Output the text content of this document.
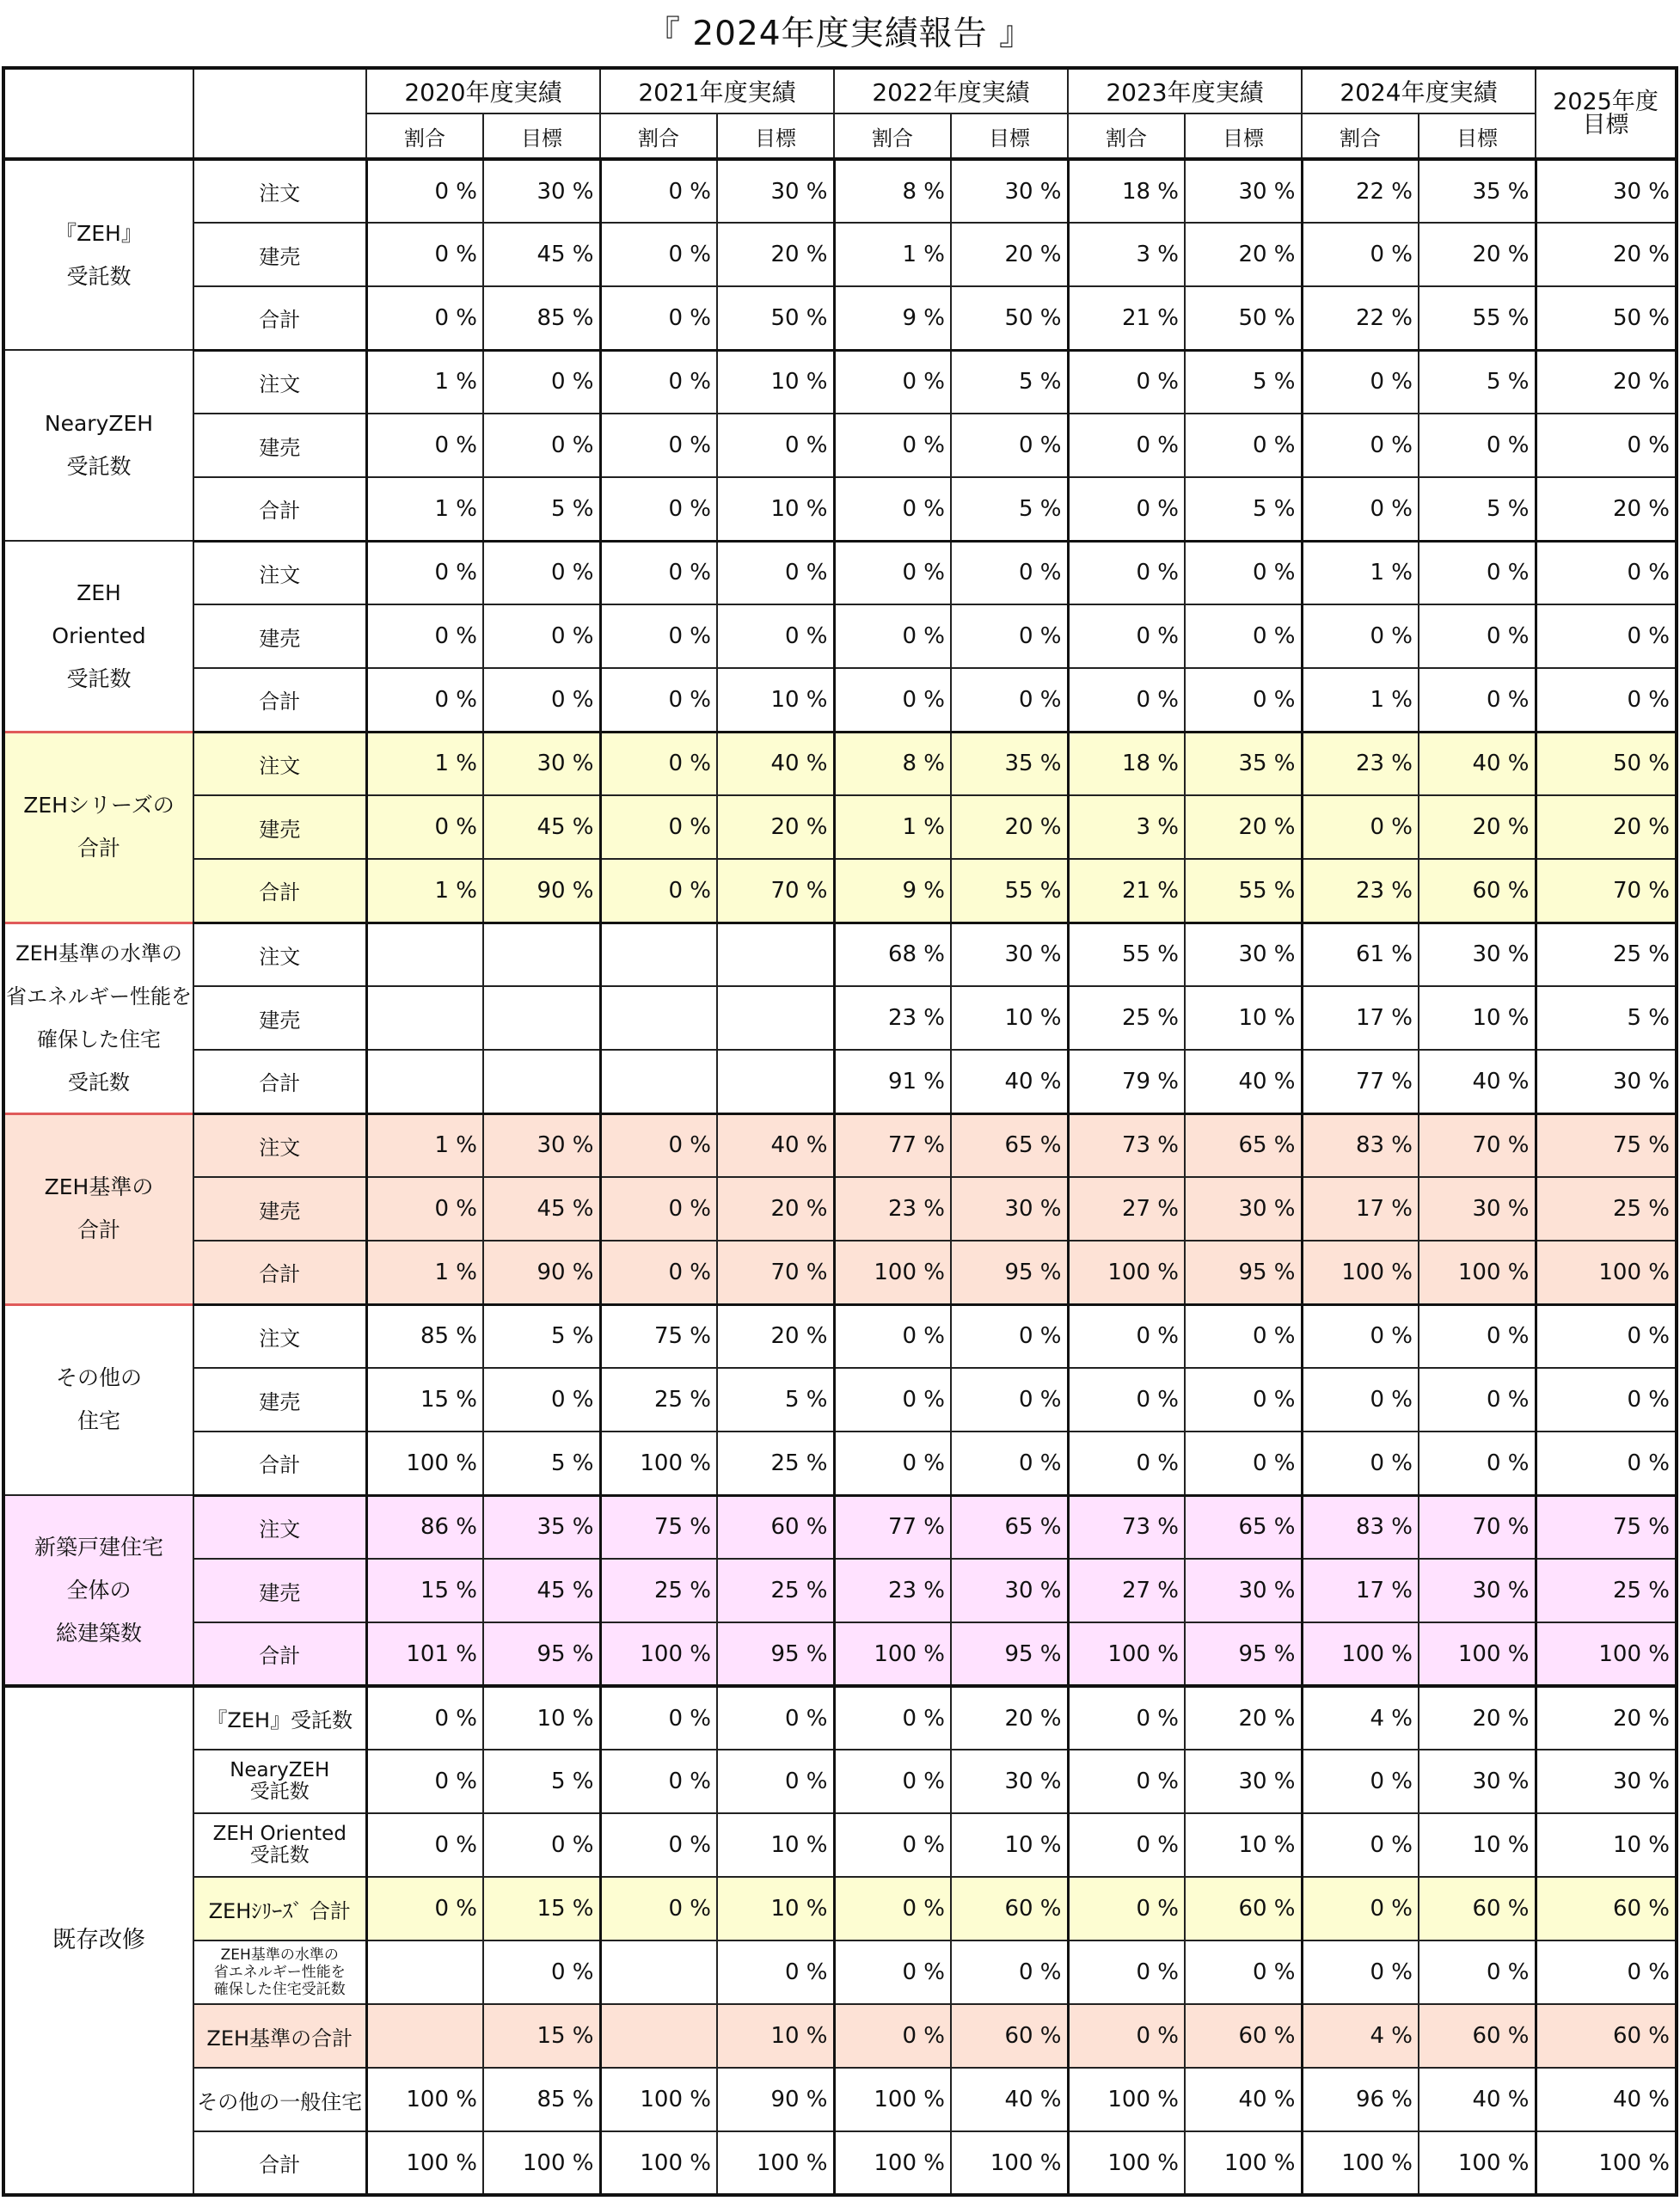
『 2024年度実績報告 』
		2020年度実績		2021年度実績		2022年度実績		2023年度実績		2024年度実績		2025年度
目標
		割合	目標	割合	目標	割合	目標	割合	目標	割合	目標	

『ZEH』
受託数	注文	0 %	30 %	0 %	30 %	8 %	30 %	18 %	30 %	22 %	35 %	30 %
	建売	0 %	45 %	0 %	20 %	1 %	20 %	3 %	20 %	0 %	20 %	20 %
	合計	0 %	85 %	0 %	50 %	9 %	50 %	21 %	50 %	22 %	55 %	50 %

NearyZEH
受託数	注文	1 %	0 %	0 %	10 %	0 %	5 %	0 %	5 %	0 %	5 %	20 %
	建売	0 %	0 %	0 %	0 %	0 %	0 %	0 %	0 %	0 %	0 %	0 %
	合計	1 %	5 %	0 %	10 %	0 %	5 %	0 %	5 %	0 %	5 %	20 %

ZEH
Oriented
受託数	注文	0 %	0 %	0 %	0 %	0 %	0 %	0 %	0 %	1 %	0 %	0 %
	建売	0 %	0 %	0 %	0 %	0 %	0 %	0 %	0 %	0 %	0 %	0 %
	合計	0 %	0 %	0 %	10 %	0 %	0 %	0 %	0 %	1 %	0 %	0 %

ZEHシリーズの
合計	注文	1 %	30 %	0 %	40 %	8 %	35 %	18 %	35 %	23 %	40 %	50 %
	建売	0 %	45 %	0 %	20 %	1 %	20 %	3 %	20 %	0 %	20 %	20 %
	合計	1 %	90 %	0 %	70 %	9 %	55 %	21 %	55 %	23 %	60 %	70 %

ZEH基準の水準の
省エネルギー性能を
確保した住宅
受託数	注文					68 %	30 %	55 %	30 %	61 %	30 %	25 %
	建売					23 %	10 %	25 %	10 %	17 %	10 %	5 %
	合計					91 %	40 %	79 %	40 %	77 %	40 %	30 %

ZEH基準の
合計	注文	1 %	30 %	0 %	40 %	77 %	65 %	73 %	65 %	83 %	70 %	75 %
	建売	0 %	45 %	0 %	20 %	23 %	30 %	27 %	30 %	17 %	30 %	25 %
	合計	1 %	90 %	0 %	70 %	100 %	95 %	100 %	95 %	100 %	100 %	100 %

その他の
住宅	注文	85 %	5 %	75 %	20 %	0 %	0 %	0 %	0 %	0 %	0 %	0 %
	建売	15 %	0 %	25 %	5 %	0 %	0 %	0 %	0 %	0 %	0 %	0 %
	合計	100 %	5 %	100 %	25 %	0 %	0 %	0 %	0 %	0 %	0 %	0 %

新築戸建住宅
全体の
総建築数	注文	86 %	35 %	75 %	60 %	77 %	65 %	73 %	65 %	83 %	70 %	75 %
	建売	15 %	45 %	25 %	25 %	23 %	30 %	27 %	30 %	17 %	30 %	25 %
	合計	101 %	95 %	100 %	95 %	100 %	95 %	100 %	95 %	100 %	100 %	100 %
既存改修	『ZEH』受託数	0 %	10 %	0 %	0 %	0 %	20 %	0 %	20 %	4 %	20 %	20 %

	NearyZEH
受託数	0 %	5 %	0 %	0 %	0 %	30 %	0 %	30 %	0 %	30 %	30 %

	ZEH Oriented
受託数	0 %	0 %	0 %	10 %	0 %	10 %	0 %	10 %	0 %	10 %	10 %

	ZEHｼﾘｰｽﾞ 合計	0 %	15 %	0 %	10 %	0 %	60 %	0 %	60 %	0 %	60 %	60 %

	ZEH基準の水準の
省エネルギー性能を
確保した住宅受託数		0 %		0 %	0 %	0 %	0 %	0 %	0 %	0 %	0 %

	ZEH基準の合計		15 %		10 %	0 %	60 %	0 %	60 %	4 %	60 %	60 %

	その他の一般住宅	100 %	85 %	100 %	90 %	100 %	40 %	100 %	40 %	96 %	40 %	40 %

	合計	100 %	100 %	100 %	100 %	100 %	100 %	100 %	100 %	100 %	100 %	100 %
